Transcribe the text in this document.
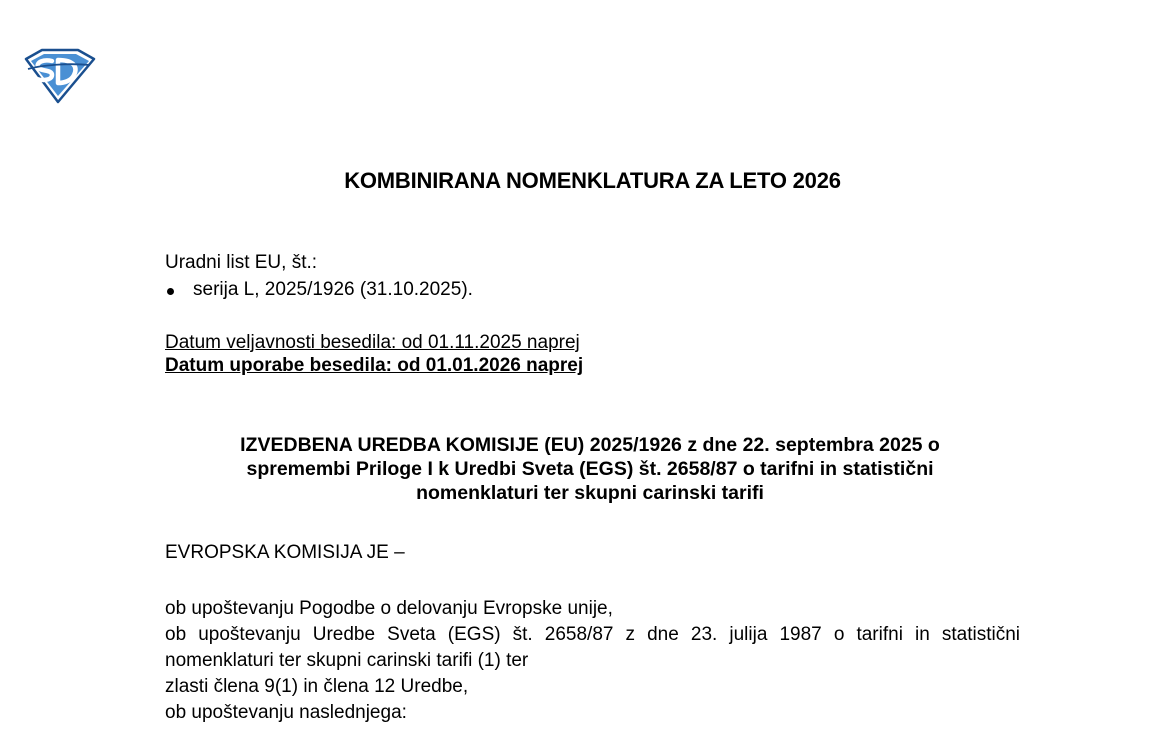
KOMBINIRANA NOMENKLATURA ZA LETO 2026
Uradni list EU, št.:
serija L, 2025/1926 (31.10.2025).
Datum veljavnosti besedila: od 01.11.2025 naprej
Datum uporabe besedila: od 01.01.2026 naprej
IZVEDBENA UREDBA KOMISIJE (EU) 2025/1926 z dne 22. septembra 2025 o
spremembi Priloge I k Uredbi Sveta (EGS) št. 2658/87 o tarifni in statistični
nomenklaturi ter skupni carinski tarifi
EVROPSKA KOMISIJA JE –

ob upoštevanju Pogodbe o delovanju Evropske unije,

ob upoštevanju Uredbe Sveta (EGS) št. 2658/87 z dne 23. julija 1987 o tarifni in statistični nomenklaturi ter skupni carinski tarifi (1) ter

zlasti člena 9(1) in člena 12 Uredbe,

ob upoštevanju naslednjega:
